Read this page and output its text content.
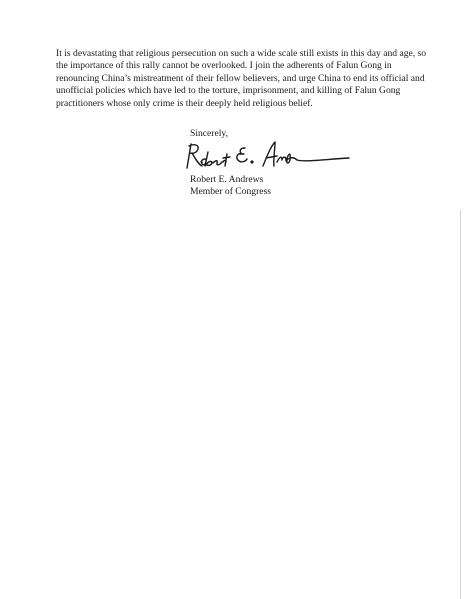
It is devastating that religious persecution on such a wide scale still exists in this day and age, so
the importance of this rally cannot be overlooked. I join the adherents of Falun Gong in
renouncing China’s mistreatment of their fellow believers, and urge China to end its official and
unofficial policies which have led to the torture, imprisonment, and killing of Falun Gong
practitioners whose only crime is their deeply held religious belief.

Sincerely,

Robert E. Andrews

Member of Congress
